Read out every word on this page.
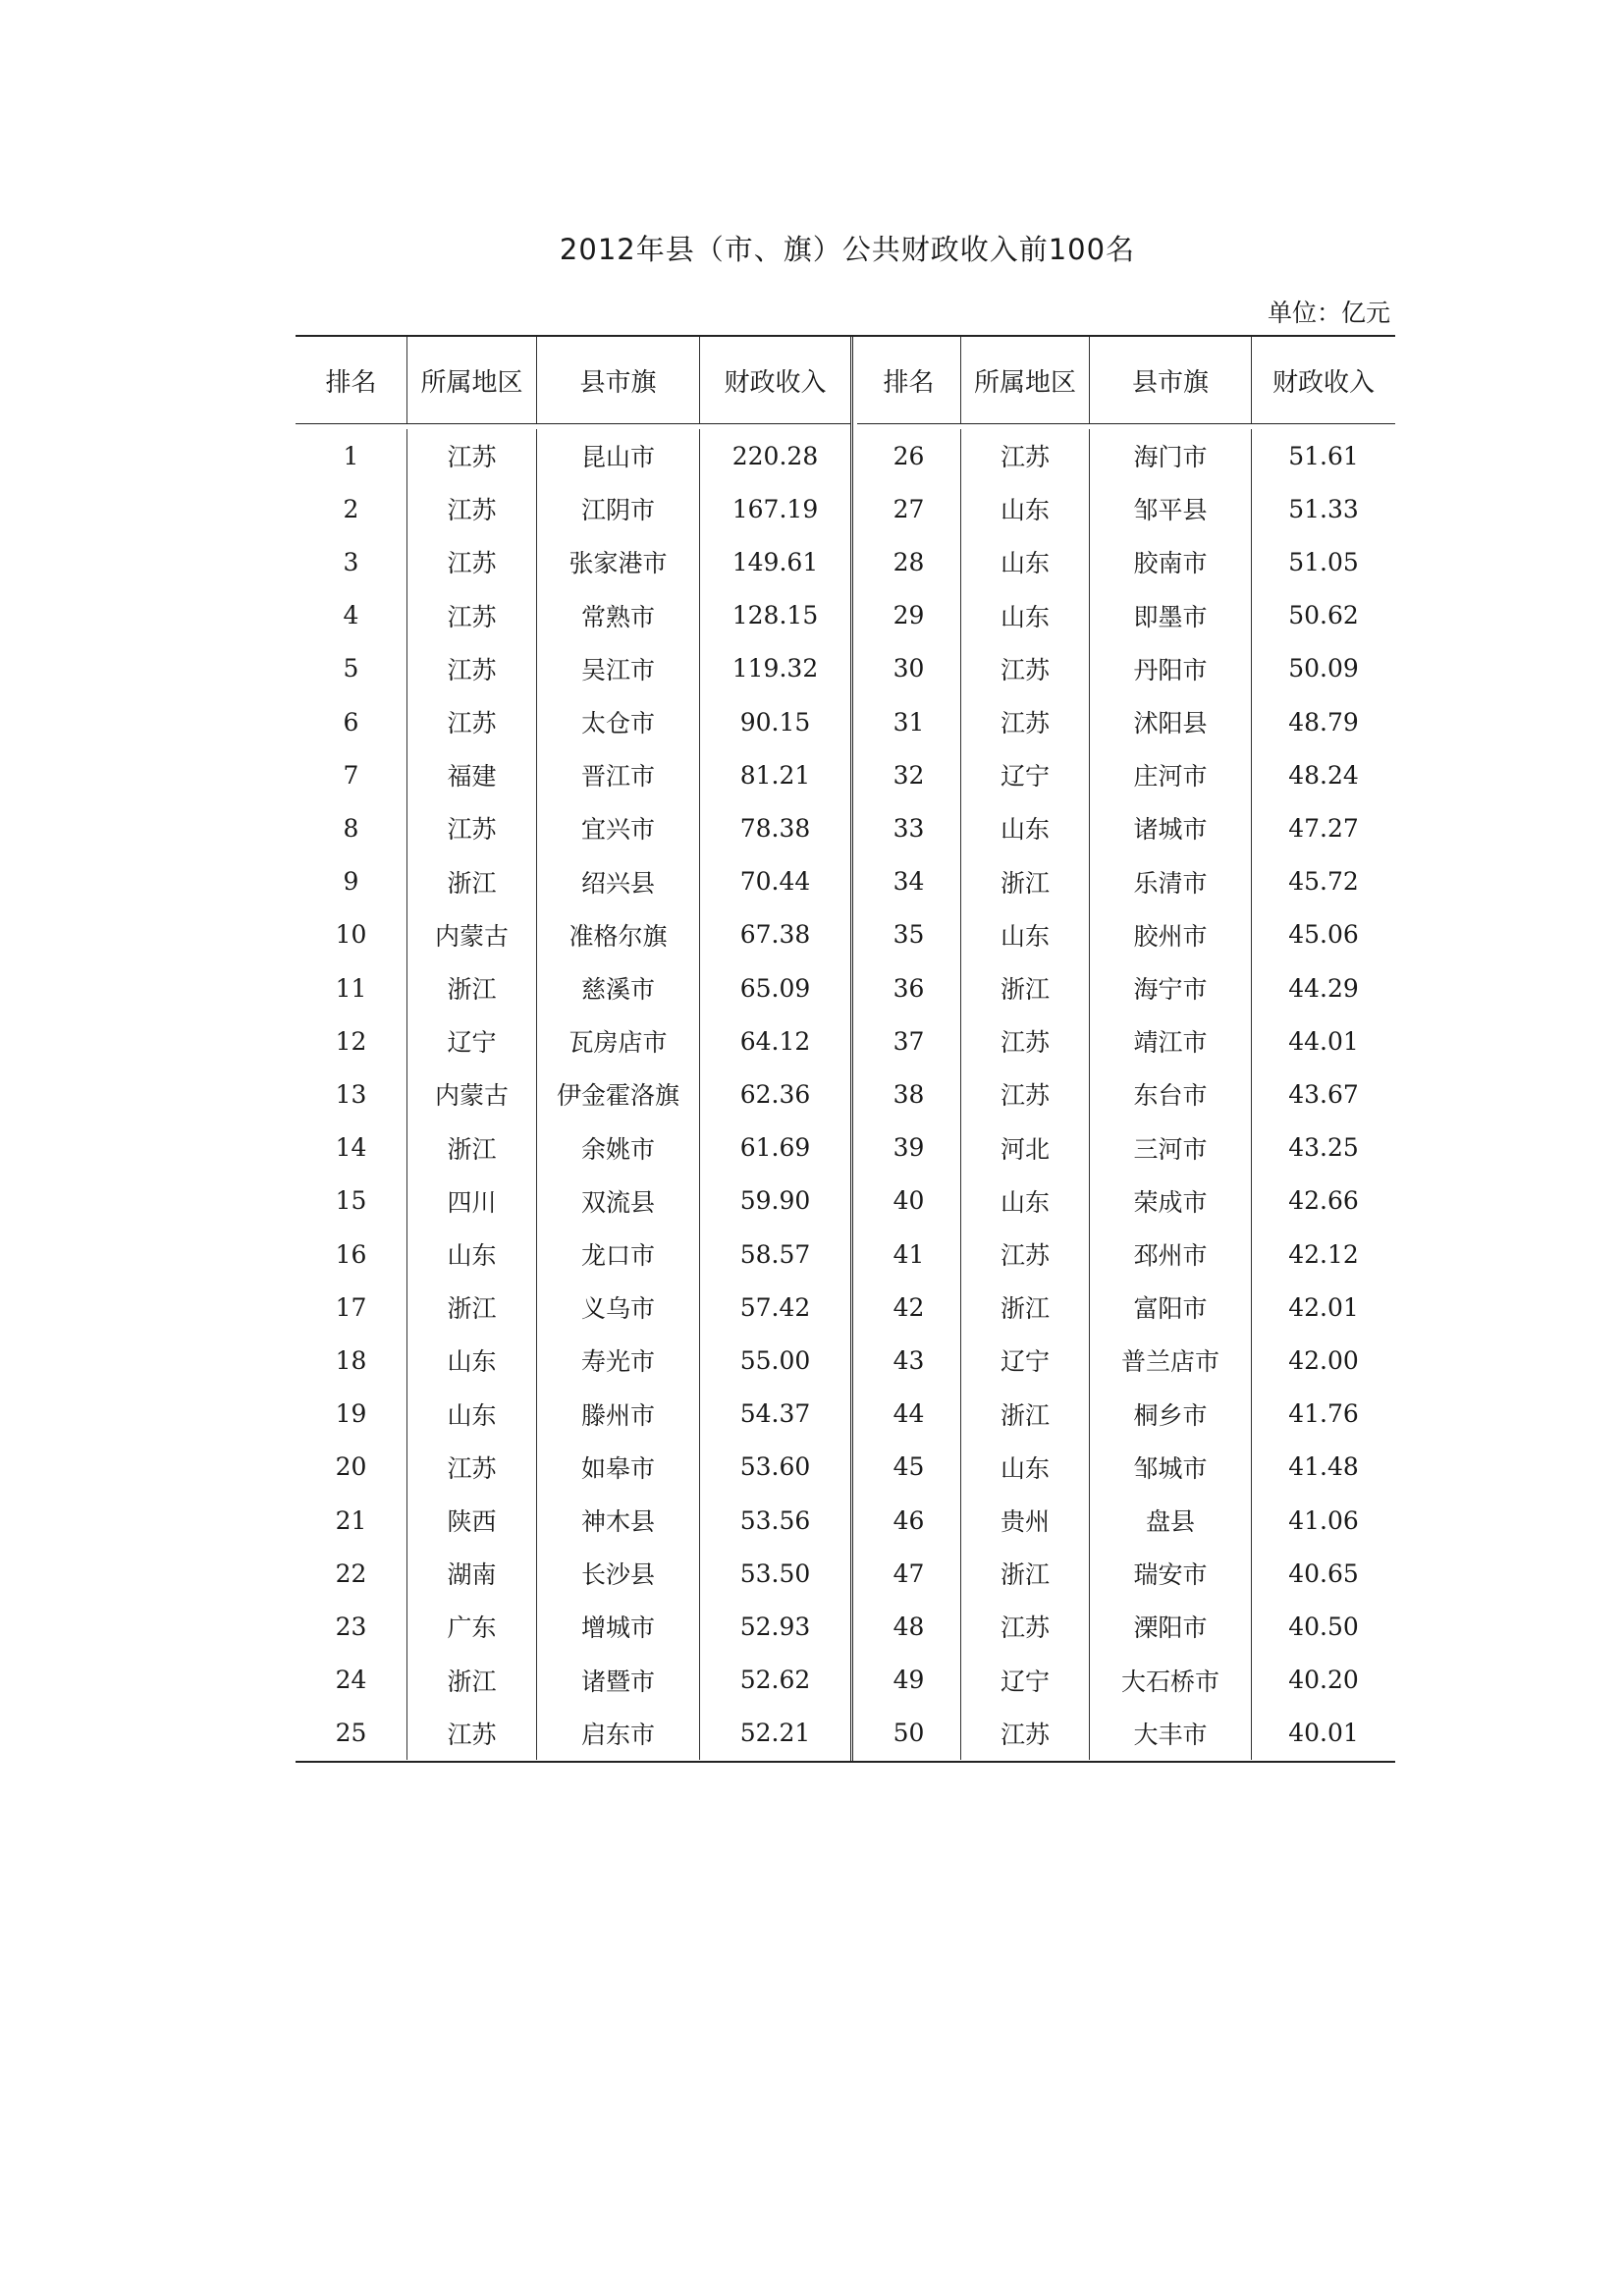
2012年县（市、旗）公共财政收入前100名
单位：亿元
排名	所属地区	县市旗	财政收入
1	江苏	昆山市	220.28
2	江苏	江阴市	167.19
3	江苏	张家港市	149.61
4	江苏	常熟市	128.15
5	江苏	吴江市	119.32
6	江苏	太仓市	90.15
7	福建	晋江市	81.21
8	江苏	宜兴市	78.38
9	浙江	绍兴县	70.44
10	内蒙古	准格尔旗	67.38
11	浙江	慈溪市	65.09
12	辽宁	瓦房店市	64.12
13	内蒙古	伊金霍洛旗	62.36
14	浙江	余姚市	61.69
15	四川	双流县	59.90
16	山东	龙口市	58.57
17	浙江	义乌市	57.42
18	山东	寿光市	55.00
19	山东	滕州市	54.37
20	江苏	如皋市	53.60
21	陕西	神木县	53.56
22	湖南	长沙县	53.50
23	广东	增城市	52.93
24	浙江	诸暨市	52.62
25	江苏	启东市	52.21
排名	所属地区	县市旗	财政收入
26	江苏	海门市	51.61
27	山东	邹平县	51.33
28	山东	胶南市	51.05
29	山东	即墨市	50.62
30	江苏	丹阳市	50.09
31	江苏	沭阳县	48.79
32	辽宁	庄河市	48.24
33	山东	诸城市	47.27
34	浙江	乐清市	45.72
35	山东	胶州市	45.06
36	浙江	海宁市	44.29
37	江苏	靖江市	44.01
38	江苏	东台市	43.67
39	河北	三河市	43.25
40	山东	荣成市	42.66
41	江苏	邳州市	42.12
42	浙江	富阳市	42.01
43	辽宁	普兰店市	42.00
44	浙江	桐乡市	41.76
45	山东	邹城市	41.48
46	贵州	盘县	41.06
47	浙江	瑞安市	40.65
48	江苏	溧阳市	40.50
49	辽宁	大石桥市	40.20
50	江苏	大丰市	40.01
